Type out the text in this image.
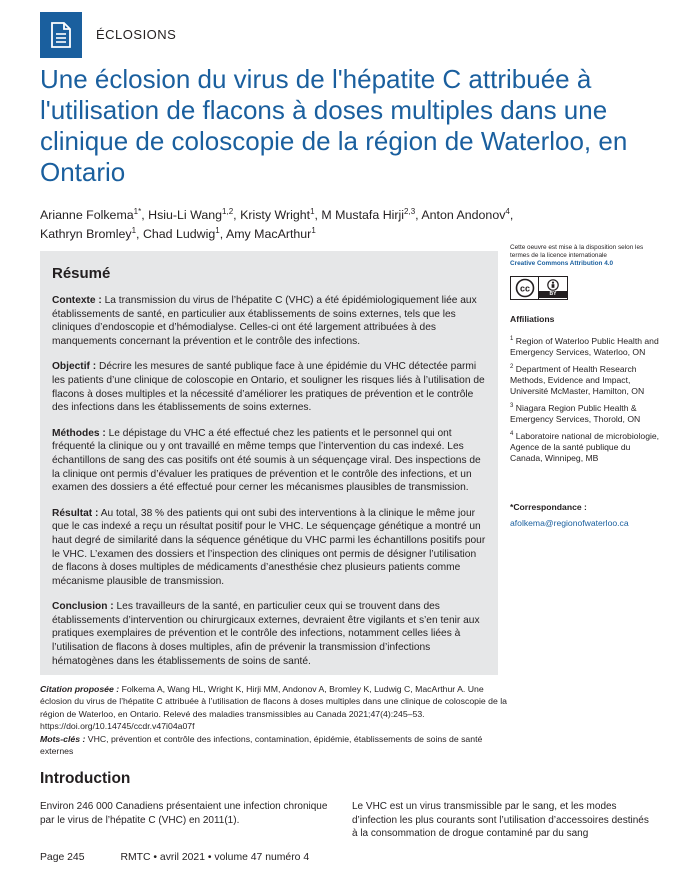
ÉCLOSIONS
Une éclosion du virus de l'hépatite C attribuée à l'utilisation de flacons à doses multiples dans une clinique de coloscopie de la région de Waterloo, en Ontario
Arianne Folkema$^{1*}$, Hsiu-Li Wang$^{1,2}$, Kristy Wright$^1$, M Mustafa Hirji$^{2,3}$, Anton Andonov$^4$,
Kathryn Bromley$^1$, Chad Ludwig$^1$, Amy MacArthur$^1$
Résumé

Contexte : La transmission du virus de l’hépatite C (VHC) a été épidémiologiquement liée aux établissements de santé, en particulier aux établissements de soins externes, tels que les cliniques d’endoscopie et d’hémodialyse. Celles-ci ont été largement attribuées à des manquements concernant la prévention et le contrôle des infections.

Objectif : Décrire les mesures de santé publique face à une épidémie du VHC détectée parmi les patients d’une clinique de coloscopie en Ontario, et souligner les risques liés à l’utilisation de flacons à doses multiples et la nécessité d’améliorer les pratiques de prévention et le contrôle des infections dans les établissements de soins externes.

Méthodes : Le dépistage du VHC a été effectué chez les patients et le personnel qui ont fréquenté la clinique ou y ont travaillé en même temps que l’intervention du cas indexé. Les échantillons de sang des cas positifs ont été soumis à un séquençage viral. Des inspections de la clinique ont permis d’évaluer les pratiques de prévention et le contrôle des infections, et un examen des dossiers a été effectué pour cerner les mécanismes plausibles de transmission.

Résultat : Au total, 38 % des patients qui ont subi des interventions à la clinique le même jour que le cas indexé a reçu un résultat positif pour le VHC. Le séquençage génétique a montré un haut degré de similarité dans la séquence génétique du VHC parmi les échantillons positifs pour le VHC. L’examen des dossiers et l’inspection des cliniques ont permis de désigner l’utilisation de flacons à doses multiples de médicaments d’anesthésie chez plusieurs patients comme mécanisme plausible de transmission.

Conclusion : Les travailleurs de la santé, en particulier ceux qui se trouvent dans des établissements d’intervention ou chirurgicaux externes, devraient être vigilants et s’en tenir aux pratiques exemplaires de prévention et le contrôle des infections, notamment celles liées à l’utilisation de flacons à doses multiples, afin de prévenir la transmission d’infections hématogènes dans les établissements de soins de santé.

Cette oeuvre est mise à la disposition selon les termes de la licence internationale
Creative Commons Attribution 4.0
cc	BY
Affiliations
$^1$ Region of Waterloo Public Health and Emergency Services, Waterloo, ON
$^2$ Department of Health Research Methods, Evidence and Impact, Université McMaster, Hamilton, ON
$^3$ Niagara Region Public Health & Emergency Services, Thorold, ON
$^4$ Laboratoire national de microbiologie, Agence de la santé publique du Canada, Winnipeg, MB
*Correspondance :
afolkema@regionofwaterloo.ca
Citation proposée : Folkema A, Wang HL, Wright K, Hirji MM, Andonov A, Bromley K, Ludwig C, MacArthur A. Une éclosion du virus de l’hépatite C attribuée à l’utilisation de flacons à doses multiples dans une clinique de coloscopie de la région de Waterloo, en Ontario. Relevé des maladies transmissibles au Canada 2021;47(4):245–53. https://doi.org/10.14745/ccdr.v47i04a07f
Mots-clés : VHC, prévention et contrôle des infections, contamination, épidémie, établissements de soins de santé externes
Introduction

Environ 246 000 Canadiens présentaient une infection chronique par le virus de l’hépatite C (VHC) en 2011(1).

Le VHC est un virus transmissible par le sang, et les modes d’infection les plus courants sont l’utilisation d’accessoires destinés à la consommation de drogue contaminé par du sang

Page 245	RMTC • avril 2021 • volume 47 numéro 4
